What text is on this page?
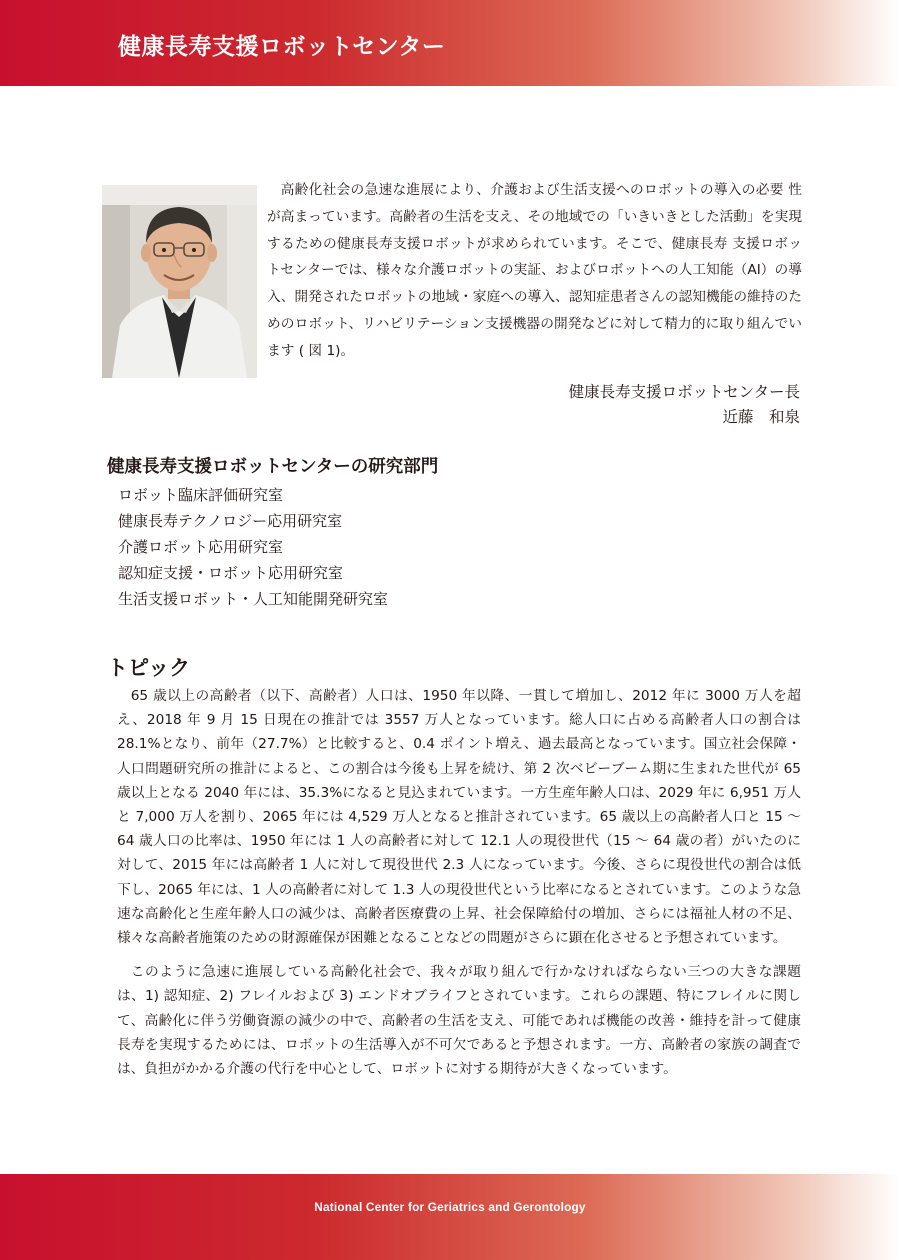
健康長寿支援ロボットセンター
高齢化社会の急速な進展により、介護および生活支援へのロボットの導入の必要 性が高まっています。高齢者の生活を支え、その地域での「いきいきとした活動」を実現するための健康長寿支援ロボットが求められています。そこで、健康長寿 支援ロボットセンターでは、様々な介護ロボットの実証、およびロボットへの人工知能（AI）の導入、開発されたロボットの地域・家庭への導入、認知症患者さんの認知機能の維持のためのロボット、リハビリテーション支援機器の開発などに対して精力的に取り組んでいます ( 図 1)。
健康長寿支援ロボットセンター長
近藤　和泉
健康長寿支援ロボットセンターの研究部門
ロボット臨床評価研究室
健康長寿テクノロジー応用研究室
介護ロボット応用研究室
認知症支援・ロボット応用研究室
生活支援ロボット・人工知能開発研究室
トピック

65 歳以上の高齢者（以下、高齢者）人口は、1950 年以降、一貫して増加し、2012 年に 3000 万人を超え、2018 年 9 月 15 日現在の推計では 3557 万人となっています。総人口に占める高齢者人口の割合は 28.1%となり、前年（27.7%）と比較すると、0.4 ポイント増え、過去最高となっています。国立社会保障・人口問題研究所の推計によると、この割合は今後も上昇を続け、第 2 次ベビーブーム期に生まれた世代が 65 歳以上となる 2040 年には、35.3%になると見込まれています。一方生産年齢人口は、2029 年に 6,951 万人と 7,000 万人を割り、2065 年には 4,529 万人となると推計されています。65 歳以上の高齢者人口と 15 ～ 64 歳人口の比率は、1950 年には 1 人の高齢者に対して 12.1 人の現役世代（15 ～ 64 歳の者）がいたのに対して、2015 年には高齢者 1 人に対して現役世代 2.3 人になっています。今後、さらに現役世代の割合は低下し、2065 年には、1 人の高齢者に対して 1.3 人の現役世代という比率になるとされています。このような急速な高齢化と生産年齢人口の減少は、高齢者医療費の上昇、社会保障給付の増加、さらには福祉人材の不足、様々な高齢者施策のための財源確保が困難となることなどの問題がさらに顕在化させると予想されています。

このように急速に進展している高齢化社会で、我々が取り組んで行かなければならない三つの大きな課題は、1) 認知症、2) フレイルおよび 3) エンドオブライフとされています。これらの課題、特にフレイルに関して、高齢化に伴う労働資源の減少の中で、高齢者の生活を支え、可能であれば機能の改善・維持を計って健康長寿を実現するためには、ロボットの生活導入が不可欠であると予想されます。一方、高齢者の家族の調査では、負担がかかる介護の代行を中心として、ロボットに対する期待が大きくなっています。

National Center for Geriatrics and Gerontology
